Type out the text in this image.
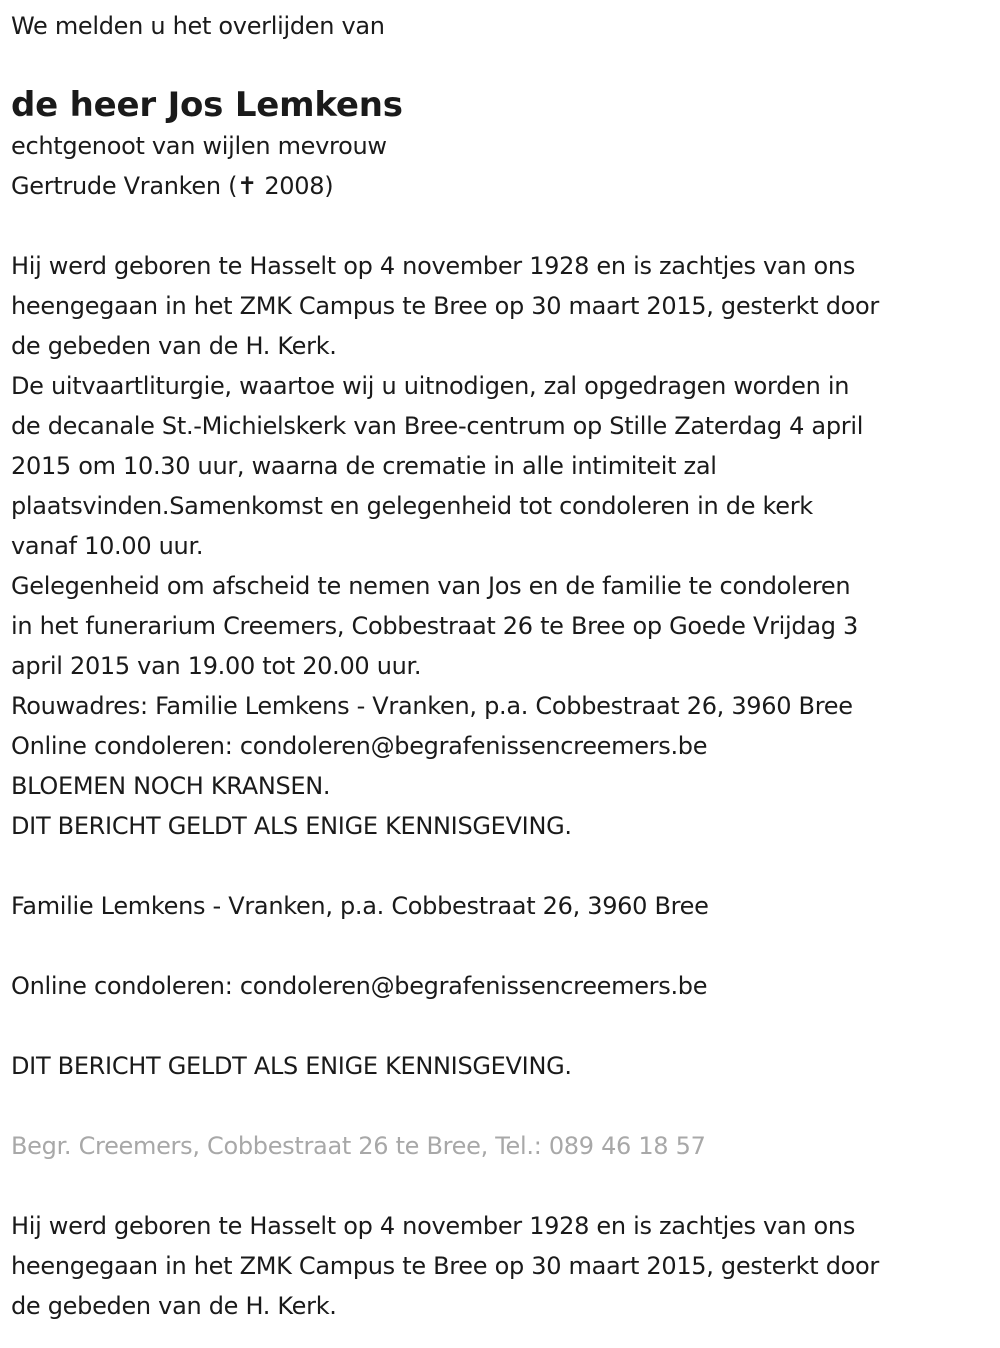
We melden u het overlijden van

de heer Jos Lemkens

echtgenoot van wijlen mevrouw

Gertrude Vranken (✝ 2008)

Hij werd geboren te Hasselt op 4 november 1928 en is zachtjes van ons

heengegaan in het ZMK Campus te Bree op 30 maart 2015, gesterkt door

de gebeden van de H. Kerk.

De uitvaartliturgie, waartoe wij u uitnodigen, zal opgedragen worden in

de decanale St.-Michielskerk van Bree-centrum op Stille Zaterdag 4 april

2015 om 10.30 uur, waarna de crematie in alle intimiteit zal

plaatsvinden.Samenkomst en gelegenheid tot condoleren in de kerk

vanaf 10.00 uur.

Gelegenheid om afscheid te nemen van Jos en de familie te condoleren

in het funerarium Creemers, Cobbestraat 26 te Bree op Goede Vrijdag 3

april 2015 van 19.00 tot 20.00 uur.

Rouwadres: Familie Lemkens - Vranken, p.a. Cobbestraat 26, 3960 Bree

Online condoleren: condoleren@begrafenissencreemers.be

BLOEMEN NOCH KRANSEN.

DIT BERICHT GELDT ALS ENIGE KENNISGEVING.

Familie Lemkens - Vranken, p.a. Cobbestraat 26, 3960 Bree

Online condoleren: condoleren@begrafenissencreemers.be

DIT BERICHT GELDT ALS ENIGE KENNISGEVING.

Begr. Creemers, Cobbestraat 26 te Bree, Tel.: 089 46 18 57

Hij werd geboren te Hasselt op 4 november 1928 en is zachtjes van ons

heengegaan in het ZMK Campus te Bree op 30 maart 2015, gesterkt door

de gebeden van de H. Kerk.
